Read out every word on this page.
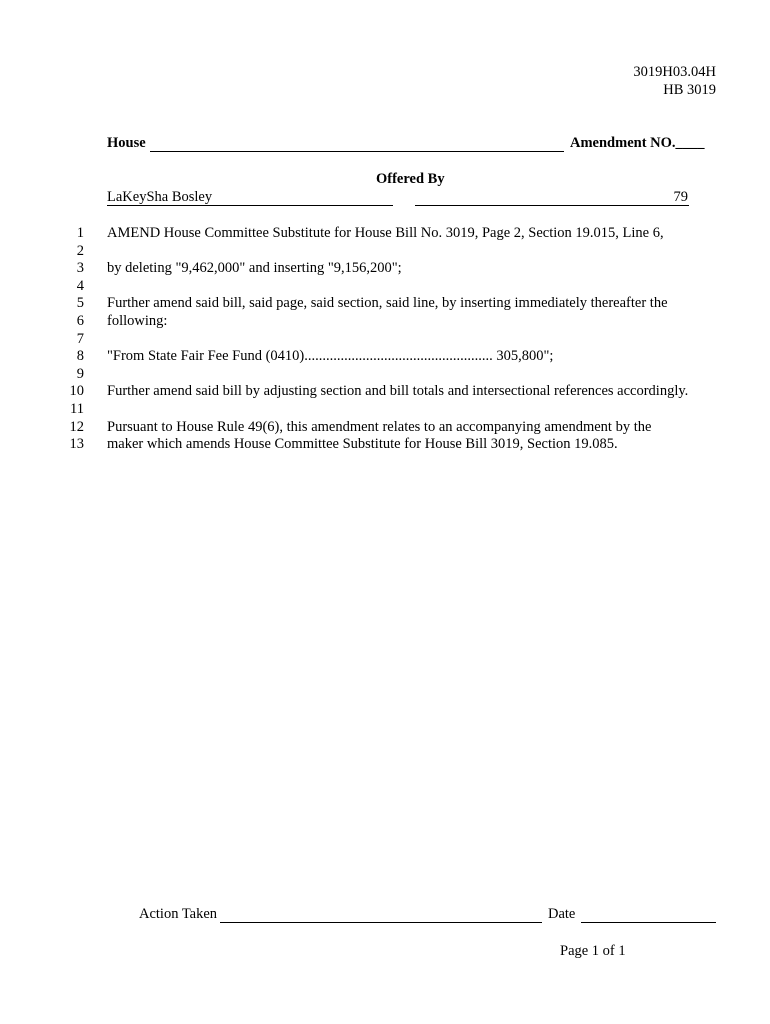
3019H03.04H
HB 3019
House	Amendment NO.____
Offered By
LaKeySha Bosley	79
1 AMEND House Committee Substitute for House Bill No. 3019, Page 2, Section 19.015, Line 6,
2
3 by deleting "9,462,000" and inserting "9,156,200";
4
5 Further amend said bill, said page, said section, said line, by inserting immediately thereafter the
6 following:
7
8 "From State Fair Fee Fund (0410).................................................... 305,800";
9
10 Further amend said bill by adjusting section and bill totals and intersectional references accordingly.
11
12 Pursuant to House Rule 49(6), this amendment relates to an accompanying amendment by the
13 maker which amends House Committee Substitute for House Bill 3019, Section 19.085.
Action Taken	Date
Page 1 of 1
